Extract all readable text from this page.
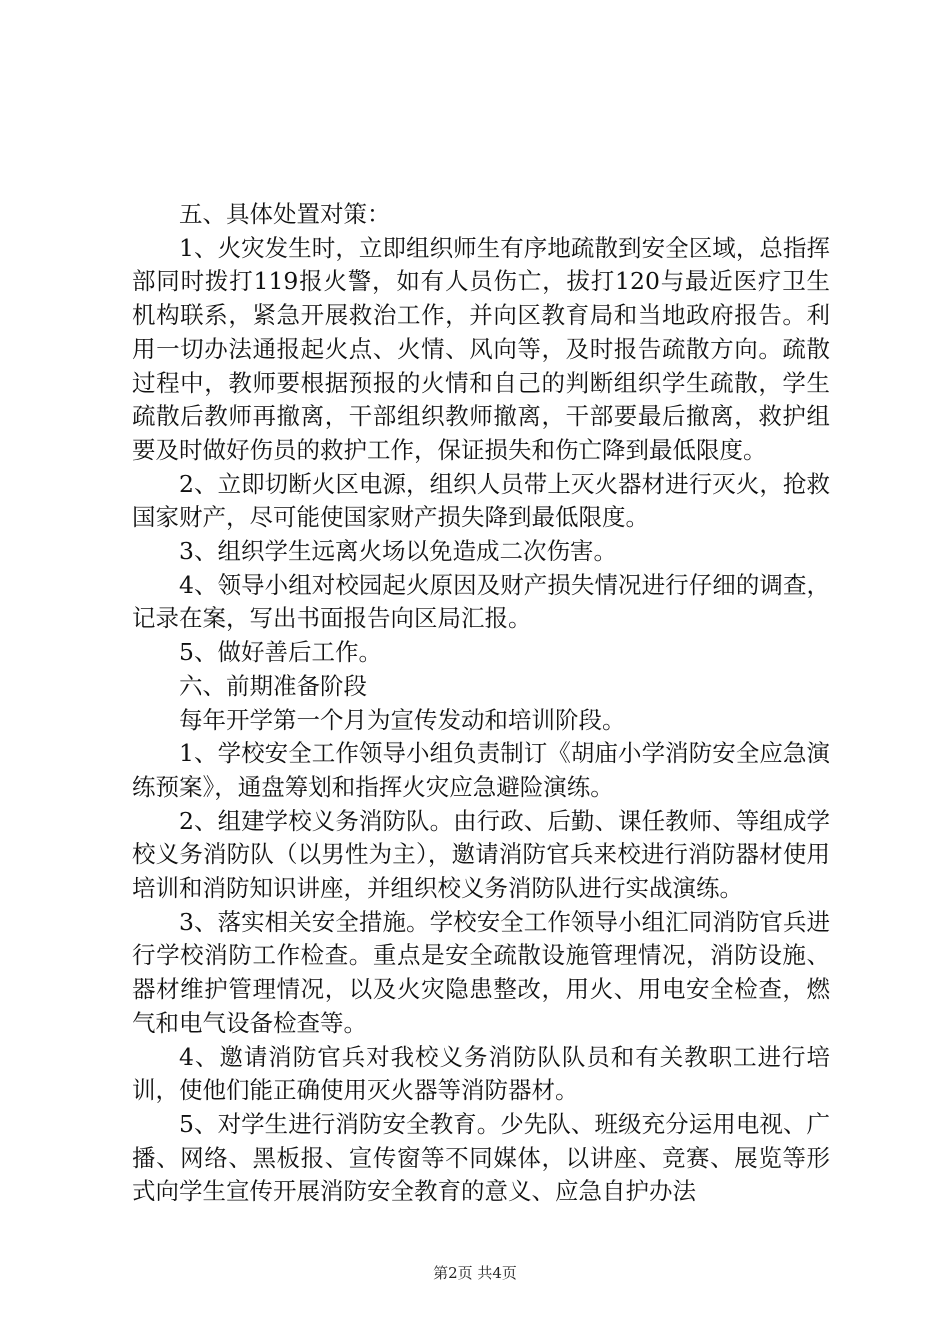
五、具体处置对策：

1、火灾发生时，立即组织师生有序地疏散到安全区域，总指挥部同时拨打119报火警，如有人员伤亡，拔打120与最近医疗卫生机构联系，紧急开展救治工作，并向区教育局和当地政府报告。利用一切办法通报起火点、火情、风向等，及时报告疏散方向。疏散过程中，教师要根据预报的火情和自己的判断组织学生疏散，学生疏散后教师再撤离，干部组织教师撤离，干部要最后撤离，救护组要及时做好伤员的救护工作，保证损失和伤亡降到最低限度。

2、立即切断火区电源，组织人员带上灭火器材进行灭火，抢救国家财产，尽可能使国家财产损失降到最低限度。

3、组织学生远离火场以免造成二次伤害。

4、领导小组对校园起火原因及财产损失情况进行仔细的调查，记录在案，写出书面报告向区局汇报。

5、做好善后工作。

六、前期准备阶段

每年开学第一个月为宣传发动和培训阶段。

1、学校安全工作领导小组负责制订《胡庙小学消防安全应急演练预案》，通盘筹划和指挥火灾应急避险演练。

2、组建学校义务消防队。由行政、后勤、课任教师、等组成学校义务消防队（以男性为主），邀请消防官兵来校进行消防器材使用培训和消防知识讲座，并组织校义务消防队进行实战演练。

3、落实相关安全措施。学校安全工作领导小组汇同消防官兵进行学校消防工作检查。重点是安全疏散设施管理情况，消防设施、器材维护管理情况，以及火灾隐患整改，用火、用电安全检查，燃气和电气设备检查等。

4、邀请消防官兵对我校义务消防队队员和有关教职工进行培训，使他们能正确使用灭火器等消防器材。

5、对学生进行消防安全教育。少先队、班级充分运用电视、广播、网络、黑板报、宣传窗等不同媒体，以讲座、竞赛、展览等形式向学生宣传开展消防安全教育的意义、应急自护办法

第2页 共4页
